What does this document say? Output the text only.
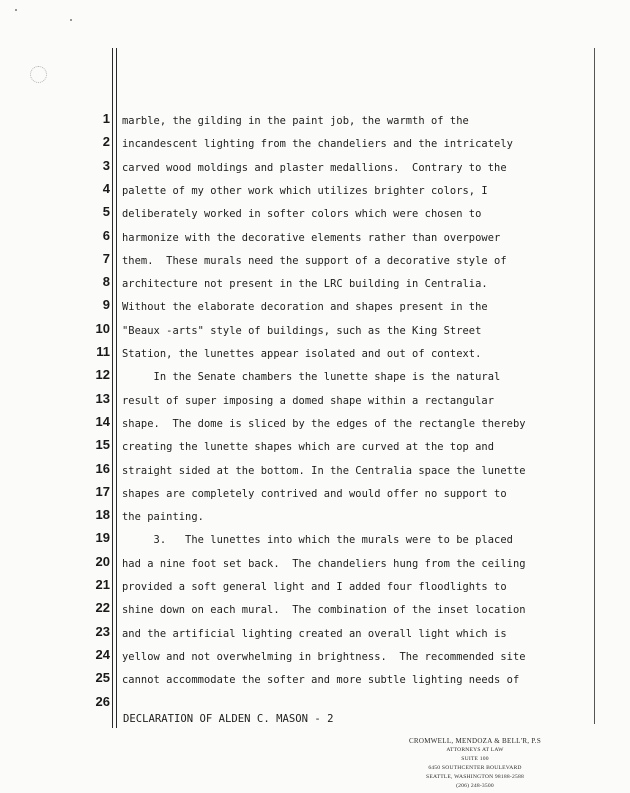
1
2
3
4
5
6
7
8
9
10
11
12
13
14
15
16
17
18
19
20
21
22
23
24
25
26
marble, the gilding in the paint job, the warmth of the
incandescent lighting from the chandeliers and the intricately
carved wood moldings and plaster medallions.  Contrary to the
palette of my other work which utilizes brighter colors, I
deliberately worked in softer colors which were chosen to
harmonize with the decorative elements rather than overpower
them.  These murals need the support of a decorative style of
architecture not present in the LRC building in Centralia.
Without the elaborate decoration and shapes present in the
"Beaux -arts" style of buildings, such as the King Street
Station, the lunettes appear isolated and out of context.
In the Senate chambers the lunette shape is the natural
result of super imposing a domed shape within a rectangular
shape.  The dome is sliced by the edges of the rectangle thereby
creating the lunette shapes which are curved at the top and
straight sided at the bottom. In the Centralia space the lunette
shapes are completely contrived and would offer no support to
the painting.
3.   The lunettes into which the murals were to be placed
had a nine foot set back.  The chandeliers hung from the ceiling
provided a soft general light and I added four floodlights to
shine down on each mural.  The combination of the inset location
and the artificial lighting created an overall light which is
yellow and not overwhelming in brightness.  The recommended site
cannot accommodate the softer and more subtle lighting needs of
DECLARATION OF ALDEN C. MASON - 2
CROMWELL, MENDOZA & BELL'R, P.S
ATTORNEYS AT LAW
SUITE 100
6450 SOUTHCENTER BOULEVARD
SEATTLE, WASHINGTON 98188-2588
(206) 248-3500
